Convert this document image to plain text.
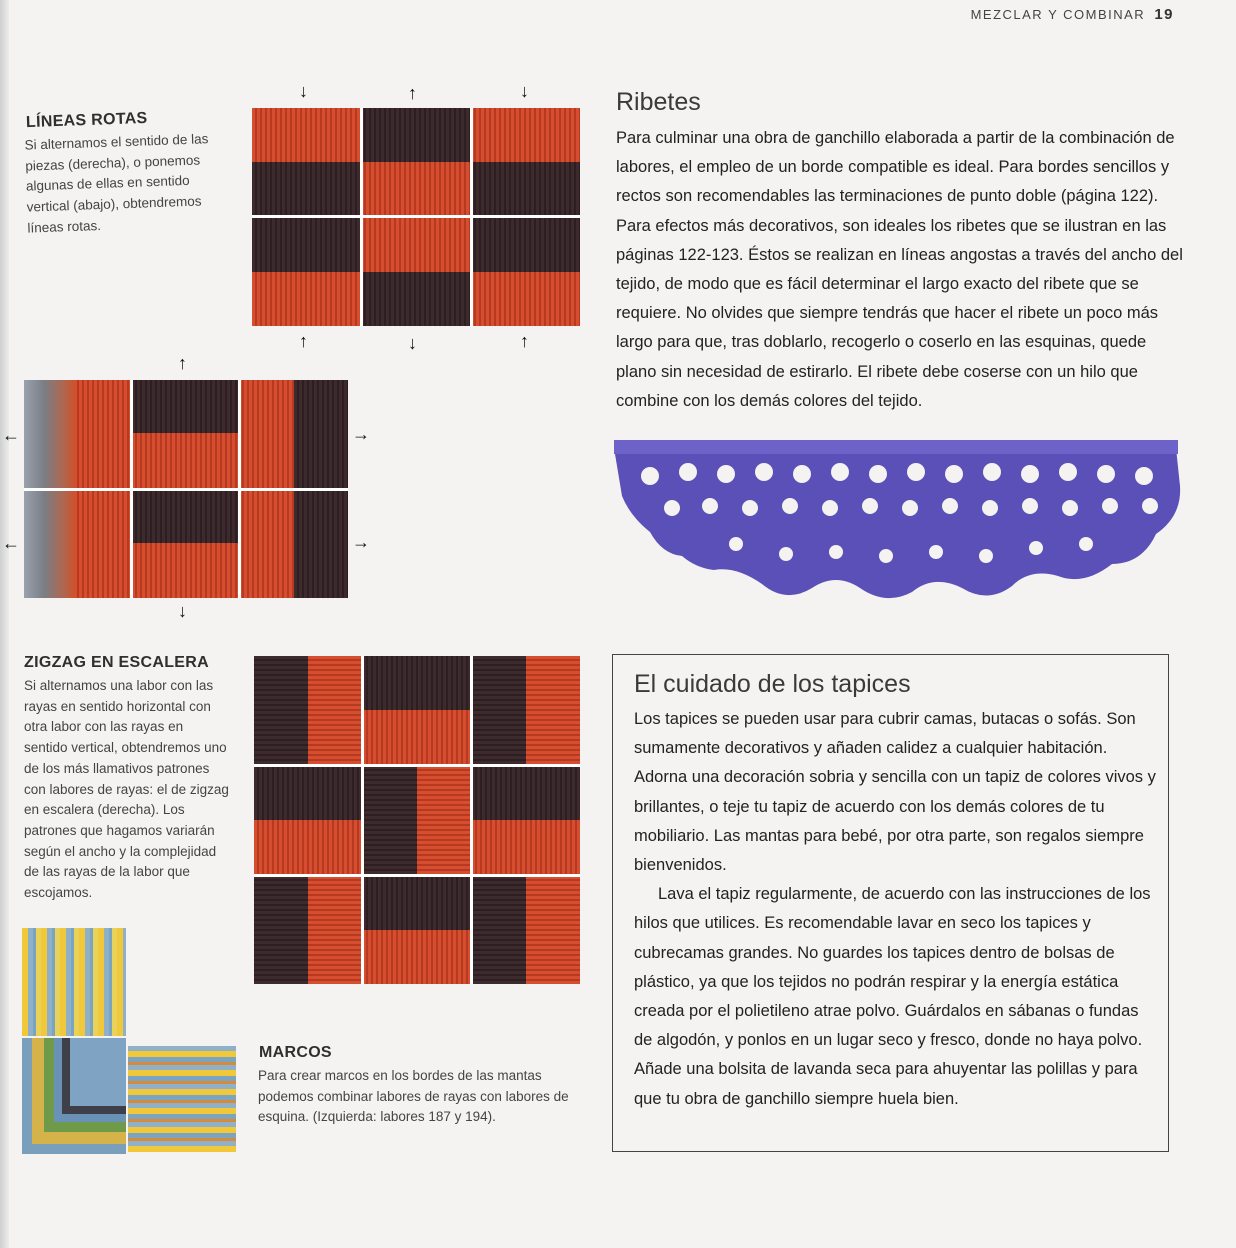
MEZCLAR Y COMBINAR 19
LÍNEAS ROTAS
Si alternamos el sentido de las piezas (derecha), o ponemos algunas de ellas en sentido vertical (abajo), obtendremos líneas rotas.
↓	↑	↓
↑	↓	↑
↑
↓
←
←
→
→
ZIGZAG EN ESCALERA
Si alternamos una labor con las rayas en sentido horizontal con otra labor con las rayas en sentido vertical, obtendremos uno de los más llamativos patrones con labores de rayas: el de zigzag en escalera (derecha). Los patrones que hagamos variarán según el ancho y la complejidad de las rayas de la labor que escojamos.
MARCOS
Para crear marcos en los bordes de las mantas podemos combinar labores de rayas con labores de esquina. (Izquierda: labores 187 y 194).
Ribetes
Para culminar una obra de ganchillo elaborada a partir de la combinación de labores, el empleo de un borde compatible es ideal. Para bordes sencillos y rectos son recomendables las terminaciones de punto doble (página 122). Para efectos más decorativos, son ideales los ribetes que se ilustran en las páginas 122-123. Éstos se realizan en líneas angostas a través del ancho del tejido, de modo que es fácil determinar el largo exacto del ribete que se requiere. No olvides que siempre tendrás que hacer el ribete un poco más largo para que, tras doblarlo, recogerlo o coserlo en las esquinas, quede plano sin necesidad de estirarlo. El ribete debe coserse con un hilo que combine con los demás colores del tejido.
El cuidado de los tapices

Los tapices se pueden usar para cubrir camas, butacas o sofás. Son sumamente decorativos y añaden calidez a cualquier habitación. Adorna una decoración sobria y sencilla con un tapiz de colores vivos y brillantes, o teje tu tapiz de acuerdo con los demás colores de tu mobiliario. Las mantas para bebé, por otra parte, son regalos siempre bienvenidos.

Lava el tapiz regularmente, de acuerdo con las instrucciones de los hilos que utilices. Es recomendable lavar en seco los tapices y cubrecamas grandes. No guardes los tapices dentro de bolsas de plástico, ya que los tejidos no podrán respirar y la energía estática creada por el polietileno atrae polvo. Guárdalos en sábanas o fundas de algodón, y ponlos en un lugar seco y fresco, donde no haya polvo. Añade una bolsita de lavanda seca para ahuyentar las polillas y para que tu obra de ganchillo siempre huela bien.
